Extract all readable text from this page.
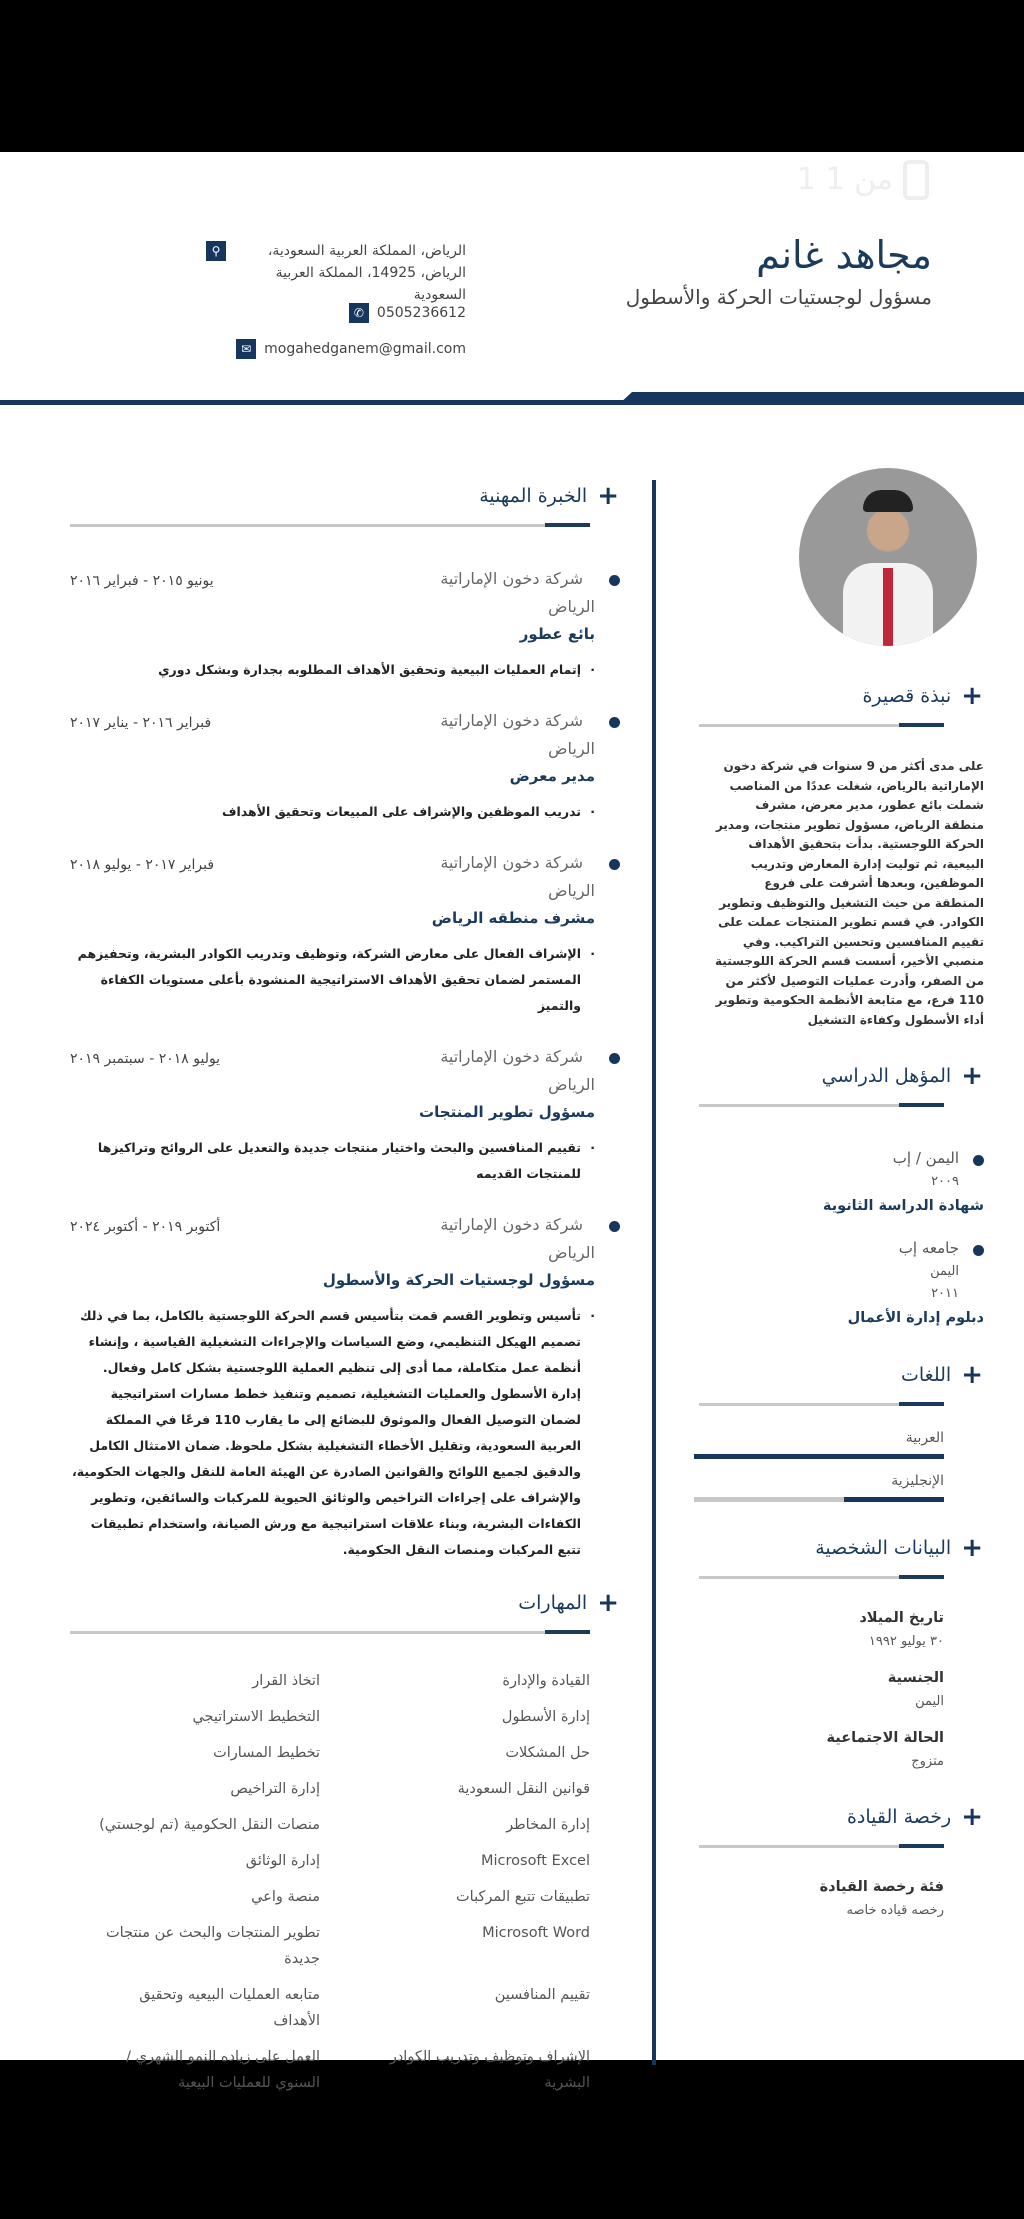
1 من 1
مجاهد غانم
مسؤول لوجستيات الحركة والأسطول
⚲	الرياض، المملكة العربية السعودية، الرياض، 14925، المملكة العربية السعودية
✆ 0505236612
✉ mogahedganem@gmail.com
+
الخبرة المهنية
شركة دخون الإماراتية
يونيو ٢٠١٥ - فبراير ٢٠١٦
الرياض
بائع عطور
· إتمام العمليات البيعية وتحقيق الأهداف المطلوبه بجدارة وبشكل دوري
شركة دخون الإماراتية
فبراير ٢٠١٦ - يناير ٢٠١٧
الرياض
مدير معرض
· تدريب الموظفين والإشراف على المبيعات وتحقيق الأهداف
شركة دخون الإماراتية
فبراير ٢٠١٧ - يوليو ٢٠١٨
الرياض
مشرف منطقه الرياض
· الإشراف الفعال على معارض الشركة، وتوظيف وتدريب الكوادر البشرية، وتحفيزهم المستمر لضمان تحقيق الأهداف الاستراتيجية المنشودة بأعلى مستويات الكفاءة والتميز
شركة دخون الإماراتية
يوليو ٢٠١٨ - سبتمبر ٢٠١٩
الرياض
مسؤول تطوير المنتجات
· تقييم المنافسين والبحث واختيار منتجات جديدة والتعديل على الروائح وتراكيزها للمنتجات القديمه
شركة دخون الإماراتية
أكتوبر ٢٠١٩ - أكتوبر ٢٠٢٤
الرياض
مسؤول لوجستيات الحركة والأسطول
· تأسيس وتطوير القسم قمت بتأسيس قسم الحركة اللوجستية بالكامل، بما في ذلك تصميم الهيكل التنظيمي، وضع السياسات والإجراءات التشغيلية القياسية ، وإنشاء أنظمة عمل متكاملة، مما أدى إلى تنظيم العملية اللوجستية بشكل كامل وفعال. إدارة الأسطول والعمليات التشغيلية، تصميم وتنفيذ خطط مسارات استراتيجية لضمان التوصيل الفعال والموثوق للبضائع إلى ما يقارب 110 فرعًا في المملكة العربية السعودية، وتقليل الأخطاء التشغيلية بشكل ملحوظ. ضمان الامتثال الكامل والدقيق لجميع اللوائح والقوانين الصادرة عن الهيئة العامة للنقل والجهات الحكومية، والإشراف على إجراءات التراخيص والوثائق الحيوية للمركبات والسائقين، وتطوير الكفاءات البشرية، وبناء علاقات استراتيجية مع ورش الصيانة، واستخدام تطبيقات تتبع المركبات ومنصات النقل الحكومية.
+
المهارات
القيادة والإدارة
اتخاذ القرار
إدارة الأسطول
التخطيط الاستراتيجي
حل المشكلات
تخطيط المسارات
قوانين النقل السعودية
إدارة التراخيص
إدارة المخاطر
منصات النقل الحكومية (تم لوجستي)
Microsoft Excel
إدارة الوثائق
تطبيقات تتبع المركبات
منصة واعي
Microsoft Word
تطوير المنتجات والبحث عن منتجات جديدة
تقييم المنافسين
متابعه العمليات البيعيه وتحقيق الأهداف
الإشراف وتوظيف وتدريب الكوادر البشرية
العمل على زياده النمو الشهري / السنوي للعمليات البيعية
+
نبذة قصيرة
على مدى أكثر من 9 سنوات في شركة دخون الإماراتية بالرياض، شغلت عددًا من المناصب شملت بائع عطور، مدير معرض، مشرف منطقة الرياض، مسؤول تطوير منتجات، ومدير الحركة اللوجستية. بدأت بتحقيق الأهداف البيعية، ثم توليت إدارة المعارض وتدريب الموظفين، وبعدها أشرفت على فروع المنطقة من حيث التشغيل والتوظيف وتطوير الكوادر. في قسم تطوير المنتجات عملت على تقييم المنافسين وتحسين التراكيب. وفي منصبي الأخير، أسست قسم الحركة اللوجستية من الصفر، وأدرت عمليات التوصيل لأكثر من 110 فرع، مع متابعة الأنظمة الحكومية وتطوير أداء الأسطول وكفاءة التشغيل
+
المؤهل الدراسي
اليمن / إب
٢٠٠٩
شهادة الدراسة الثانوية
جامعه إب
اليمن
٢٠١١
دبلوم إدارة الأعمال
+
اللغات
العربية
الإنجليزية
+
البيانات الشخصية
تاريخ الميلاد
٣٠ يوليو ١٩٩٢
الجنسية
اليمن
الحالة الاجتماعية
متزوج
+
رخصة القيادة
فئة رخصة القيادة
رخصه قياده خاصه
